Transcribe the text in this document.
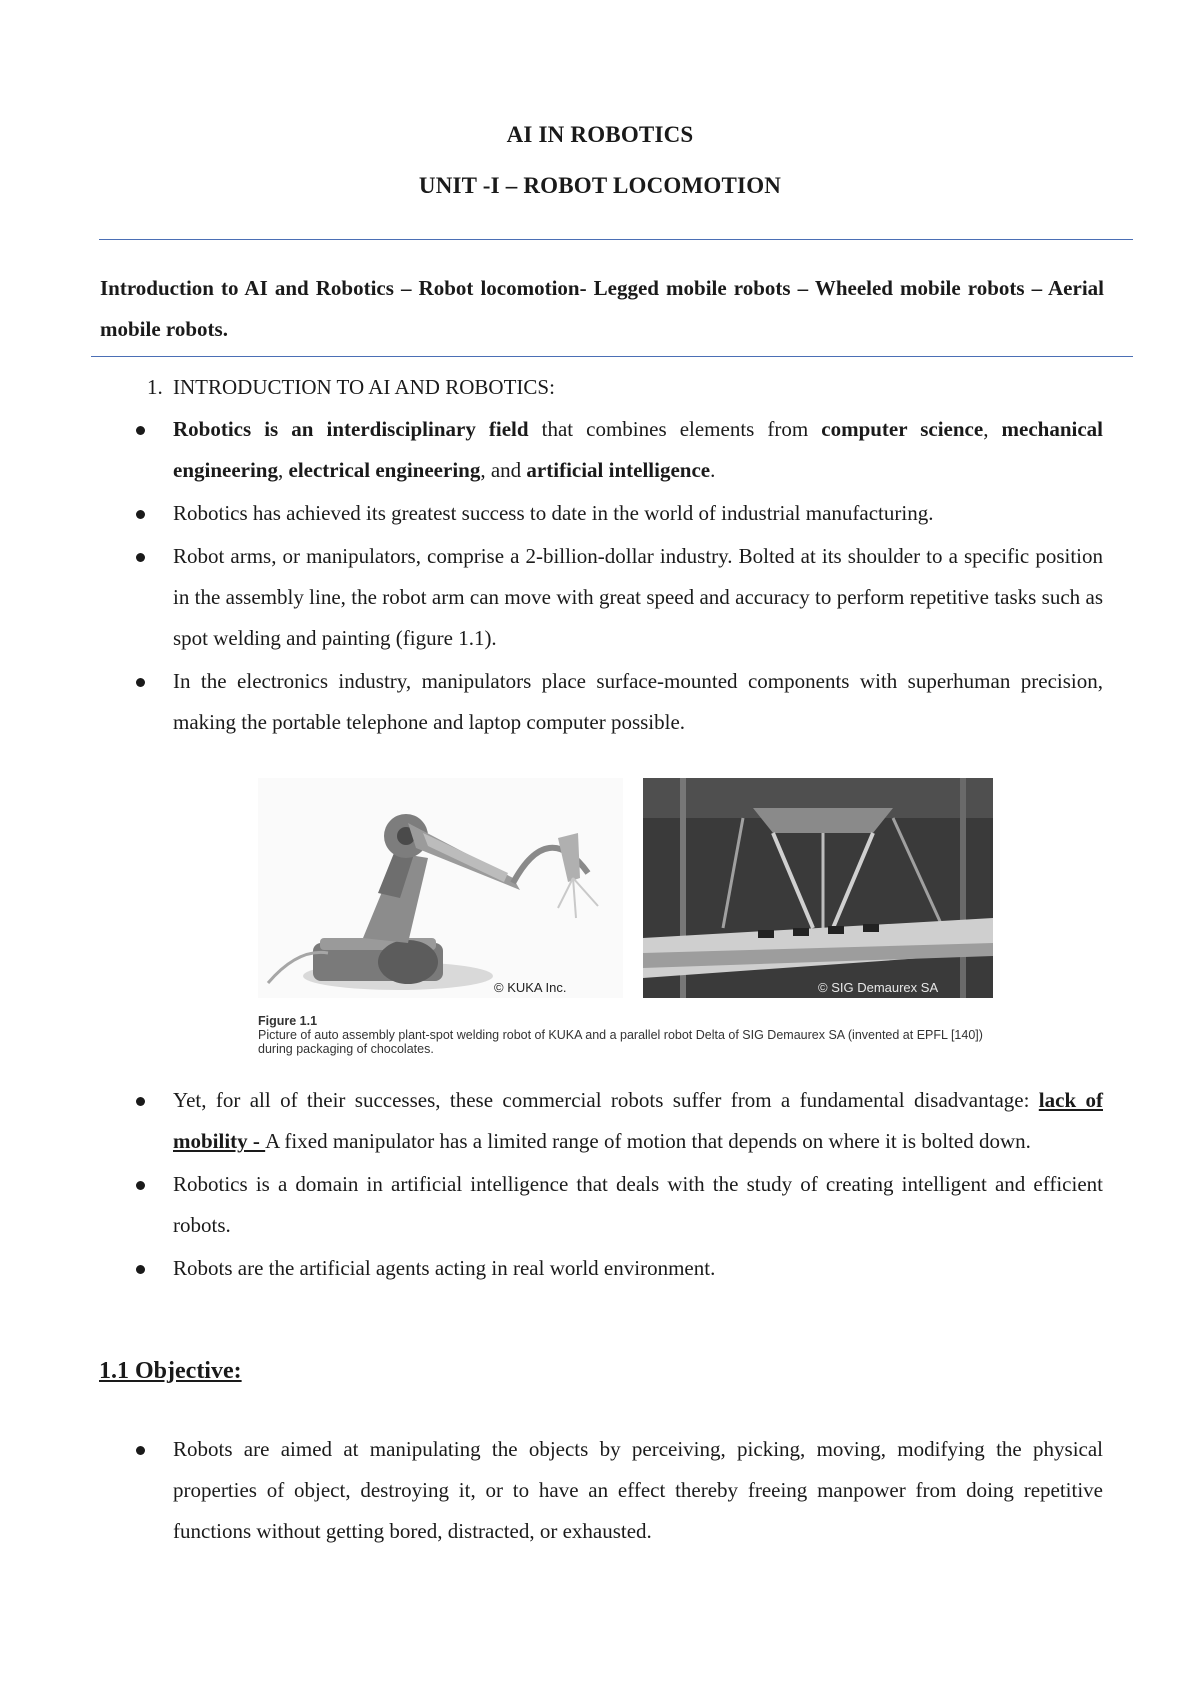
AI IN ROBOTICS
UNIT -I – ROBOT LOCOMOTION
Introduction to AI and Robotics – Robot locomotion- Legged mobile robots – Wheeled mobile robots – Aerial mobile robots.
1. INTRODUCTION TO AI AND ROBOTICS:
Robotics is an interdisciplinary field that combines elements from computer science, mechanical engineering, electrical engineering, and artificial intelligence.
Robotics has achieved its greatest success to date in the world of industrial manufacturing.
Robot arms, or manipulators, comprise a 2-billion-dollar industry. Bolted at its shoulder to a specific position in the assembly line, the robot arm can move with great speed and accuracy to perform repetitive tasks such as spot welding and painting (figure 1.1).
In the electronics industry, manipulators place surface-mounted components with superhuman precision, making the portable telephone and laptop computer possible.
© KUKA Inc.	© SIG Demaurex SA
Figure 1.1
Picture of auto assembly plant-spot welding robot of KUKA and a parallel robot Delta of SIG Demaurex SA (invented at EPFL [140]) during packaging of chocolates.
Yet, for all of their successes, these commercial robots suffer from a fundamental disadvantage: lack of mobility - A fixed manipulator has a limited range of motion that depends on where it is bolted down.
Robotics is a domain in artificial intelligence that deals with the study of creating intelligent and efficient robots.
Robots are the artificial agents acting in real world environment.
1.1 Objective:
Robots are aimed at manipulating the objects by perceiving, picking, moving, modifying the physical properties of object, destroying it, or to have an effect thereby freeing manpower from doing repetitive functions without getting bored, distracted, or exhausted.
